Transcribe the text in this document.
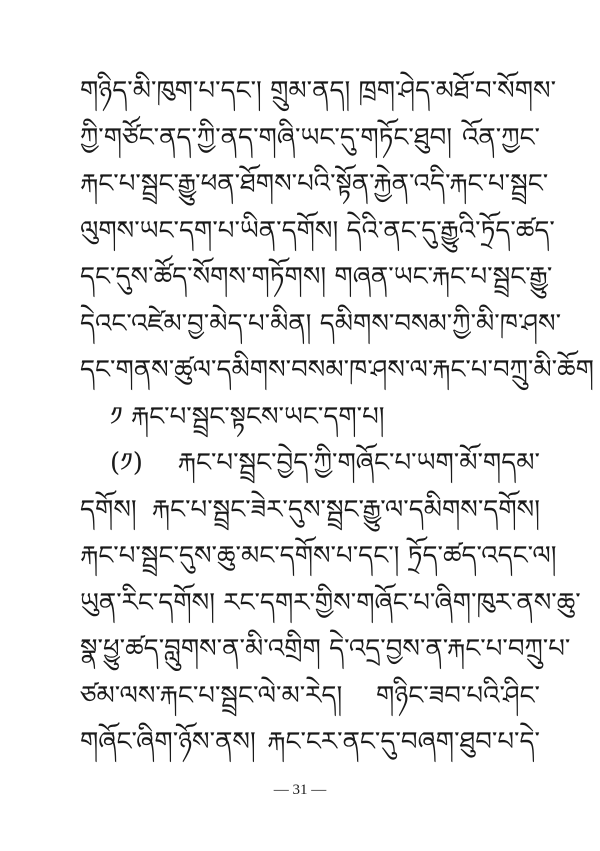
གཉིད་མི་ཁུག་པ་དང་། གྲུམ་ནད། ཁྲག་ཤེད་མཐོ་བ་སོགས་
ཀྱི་གཙོང་ནད་ཀྱི་ནད་གཞི་ཡང་དུ་གཏོང་ཐུབ། འོན་ཀྱང་
རྐང་པ་སྦྲང་རྒྱུ་ཕན་ཐོགས་པའི་སྟོན་རྐྱེན་འདི་རྐང་པ་སྦྲང་
ལུགས་ཡང་དག་པ་ཡིན་དགོས། དེའི་ནང་དུ་རྒྱུའི་ཏྲོད་ཚད་
དང་དུས་ཚོད་སོགས་གཏོགས། གཞན་ཡང་རྐང་པ་སྦྲང་རྒྱུ་
དེའང་འཛེམ་བྱ་མེད་པ་མིན། དམིགས་བསམ་ཀྱི་མི་ཁ་ཤས་
དང་གནས་ཚུལ་དམིགས་བསམ་ཁ་ཤས་ལ་རྐང་པ་བཀྲུ་མི་ཆོག
༡ རྐང་པ་སྦྲང་སྟངས་ཡང་དག་པ།
(༡) རྐང་པ་སྦྲང་བྱེད་ཀྱི་གཞོང་པ་ཡག་མོ་གདམ་
དགོས། རྐང་པ་སྦྲང་ཟེར་དུས་སྦྲང་རྒྱུ་ལ་དམིགས་དགོས།
རྐང་པ་སྦྲང་དུས་ཆུ་མང་དགོས་པ་དང་། ཏྲོད་ཚད་འདང་ལ།
ཡུན་རིང་དགོས། རང་དགར་གྱིས་གཞོང་པ་ཞིག་ཁུར་ནས་ཆུ་
སྣ་ཕྱུ་ཚད་བླུགས་ན་མི་འགྲིག དེ་འདྲ་བྱས་ན་རྐང་པ་བཀྲུ་པ་
ཙམ་ལས་རྐང་པ་སྦྲང་ལེ་མ་རེད། གཉིང་ཟབ་པའི་ཤིང་
གཞོང་ཞིག་ཉོས་ནས། རྐང་ངར་ནང་དུ་བཞག་ཐུབ་པ་དེ་
— 31 —
